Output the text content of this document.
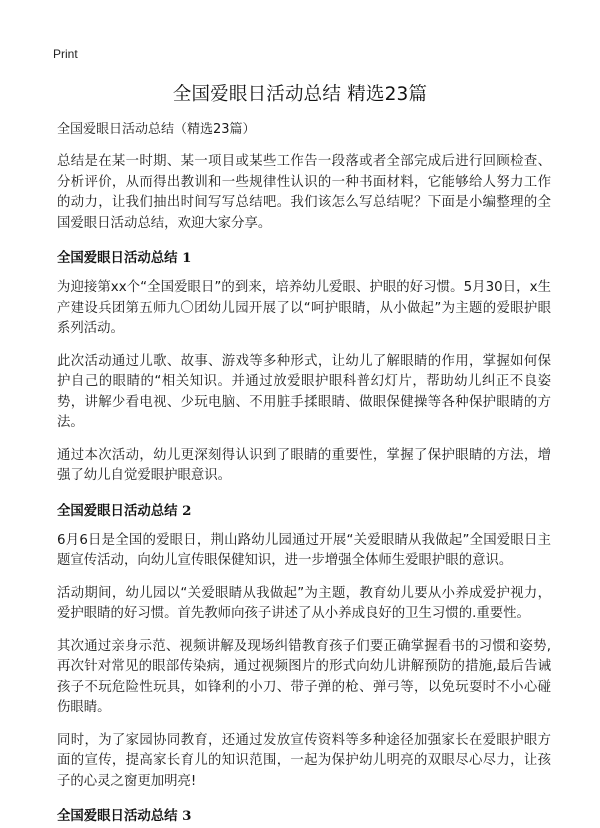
Print
全国爱眼日活动总结 精选23篇

全国爱眼日活动总结（精选23篇）

总结是在某一时期、某一项目或某些工作告一段落或者全部完成后进行回顾检查、分析评价，从而得出教训和一些规律性认识的一种书面材料，它能够给人努力工作的动力，让我们抽出时间写写总结吧。我们该怎么写总结呢？下面是小编整理的全国爱眼日活动总结，欢迎大家分享。

全国爱眼日活动总结 1

为迎接第xx个“全国爱眼日”的到来，培养幼儿爱眼、护眼的好习惯。5月30日，x生产建设兵团第五师九〇团幼儿园开展了以“呵护眼睛，从小做起”为主题的爱眼护眼系列活动。

此次活动通过儿歌、故事、游戏等多种形式，让幼儿了解眼睛的作用，掌握如何保护自己的眼睛的“相关知识。并通过放爱眼护眼科普幻灯片，帮助幼儿纠正不良姿势，讲解少看电视、少玩电脑、不用脏手揉眼睛、做眼保健操等各种保护眼睛的方法。

通过本次活动，幼儿更深刻得认识到了眼睛的重要性，掌握了保护眼睛的方法，增强了幼儿自觉爱眼护眼意识。

全国爱眼日活动总结 2

6月6日是全国的爱眼日，荆山路幼儿园通过开展“关爱眼睛从我做起”全国爱眼日主题宣传活动，向幼儿宣传眼保健知识，进一步增强全体师生爱眼护眼的意识。

活动期间，幼儿园以“关爱眼睛从我做起”为主题，教育幼儿要从小养成爱护视力，爱护眼睛的好习惯。首先教师向孩子讲述了从小养成良好的卫生习惯的.重要性。

其次通过亲身示范、视频讲解及现场纠错教育孩子们要正确掌握看书的习惯和姿势,再次针对常见的眼部传染病，通过视频图片的形式向幼儿讲解预防的措施,最后告诫孩子不玩危险性玩具，如锋利的小刀、带子弹的枪、弹弓等，以免玩耍时不小心碰伤眼睛。

同时，为了家园协同教育，还通过发放宣传资料等多种途径加强家长在爱眼护眼方面的宣传，提高家长育儿的知识范围，一起为保护幼儿明亮的双眼尽心尽力，让孩子的心灵之窗更加明亮!

全国爱眼日活动总结 3
